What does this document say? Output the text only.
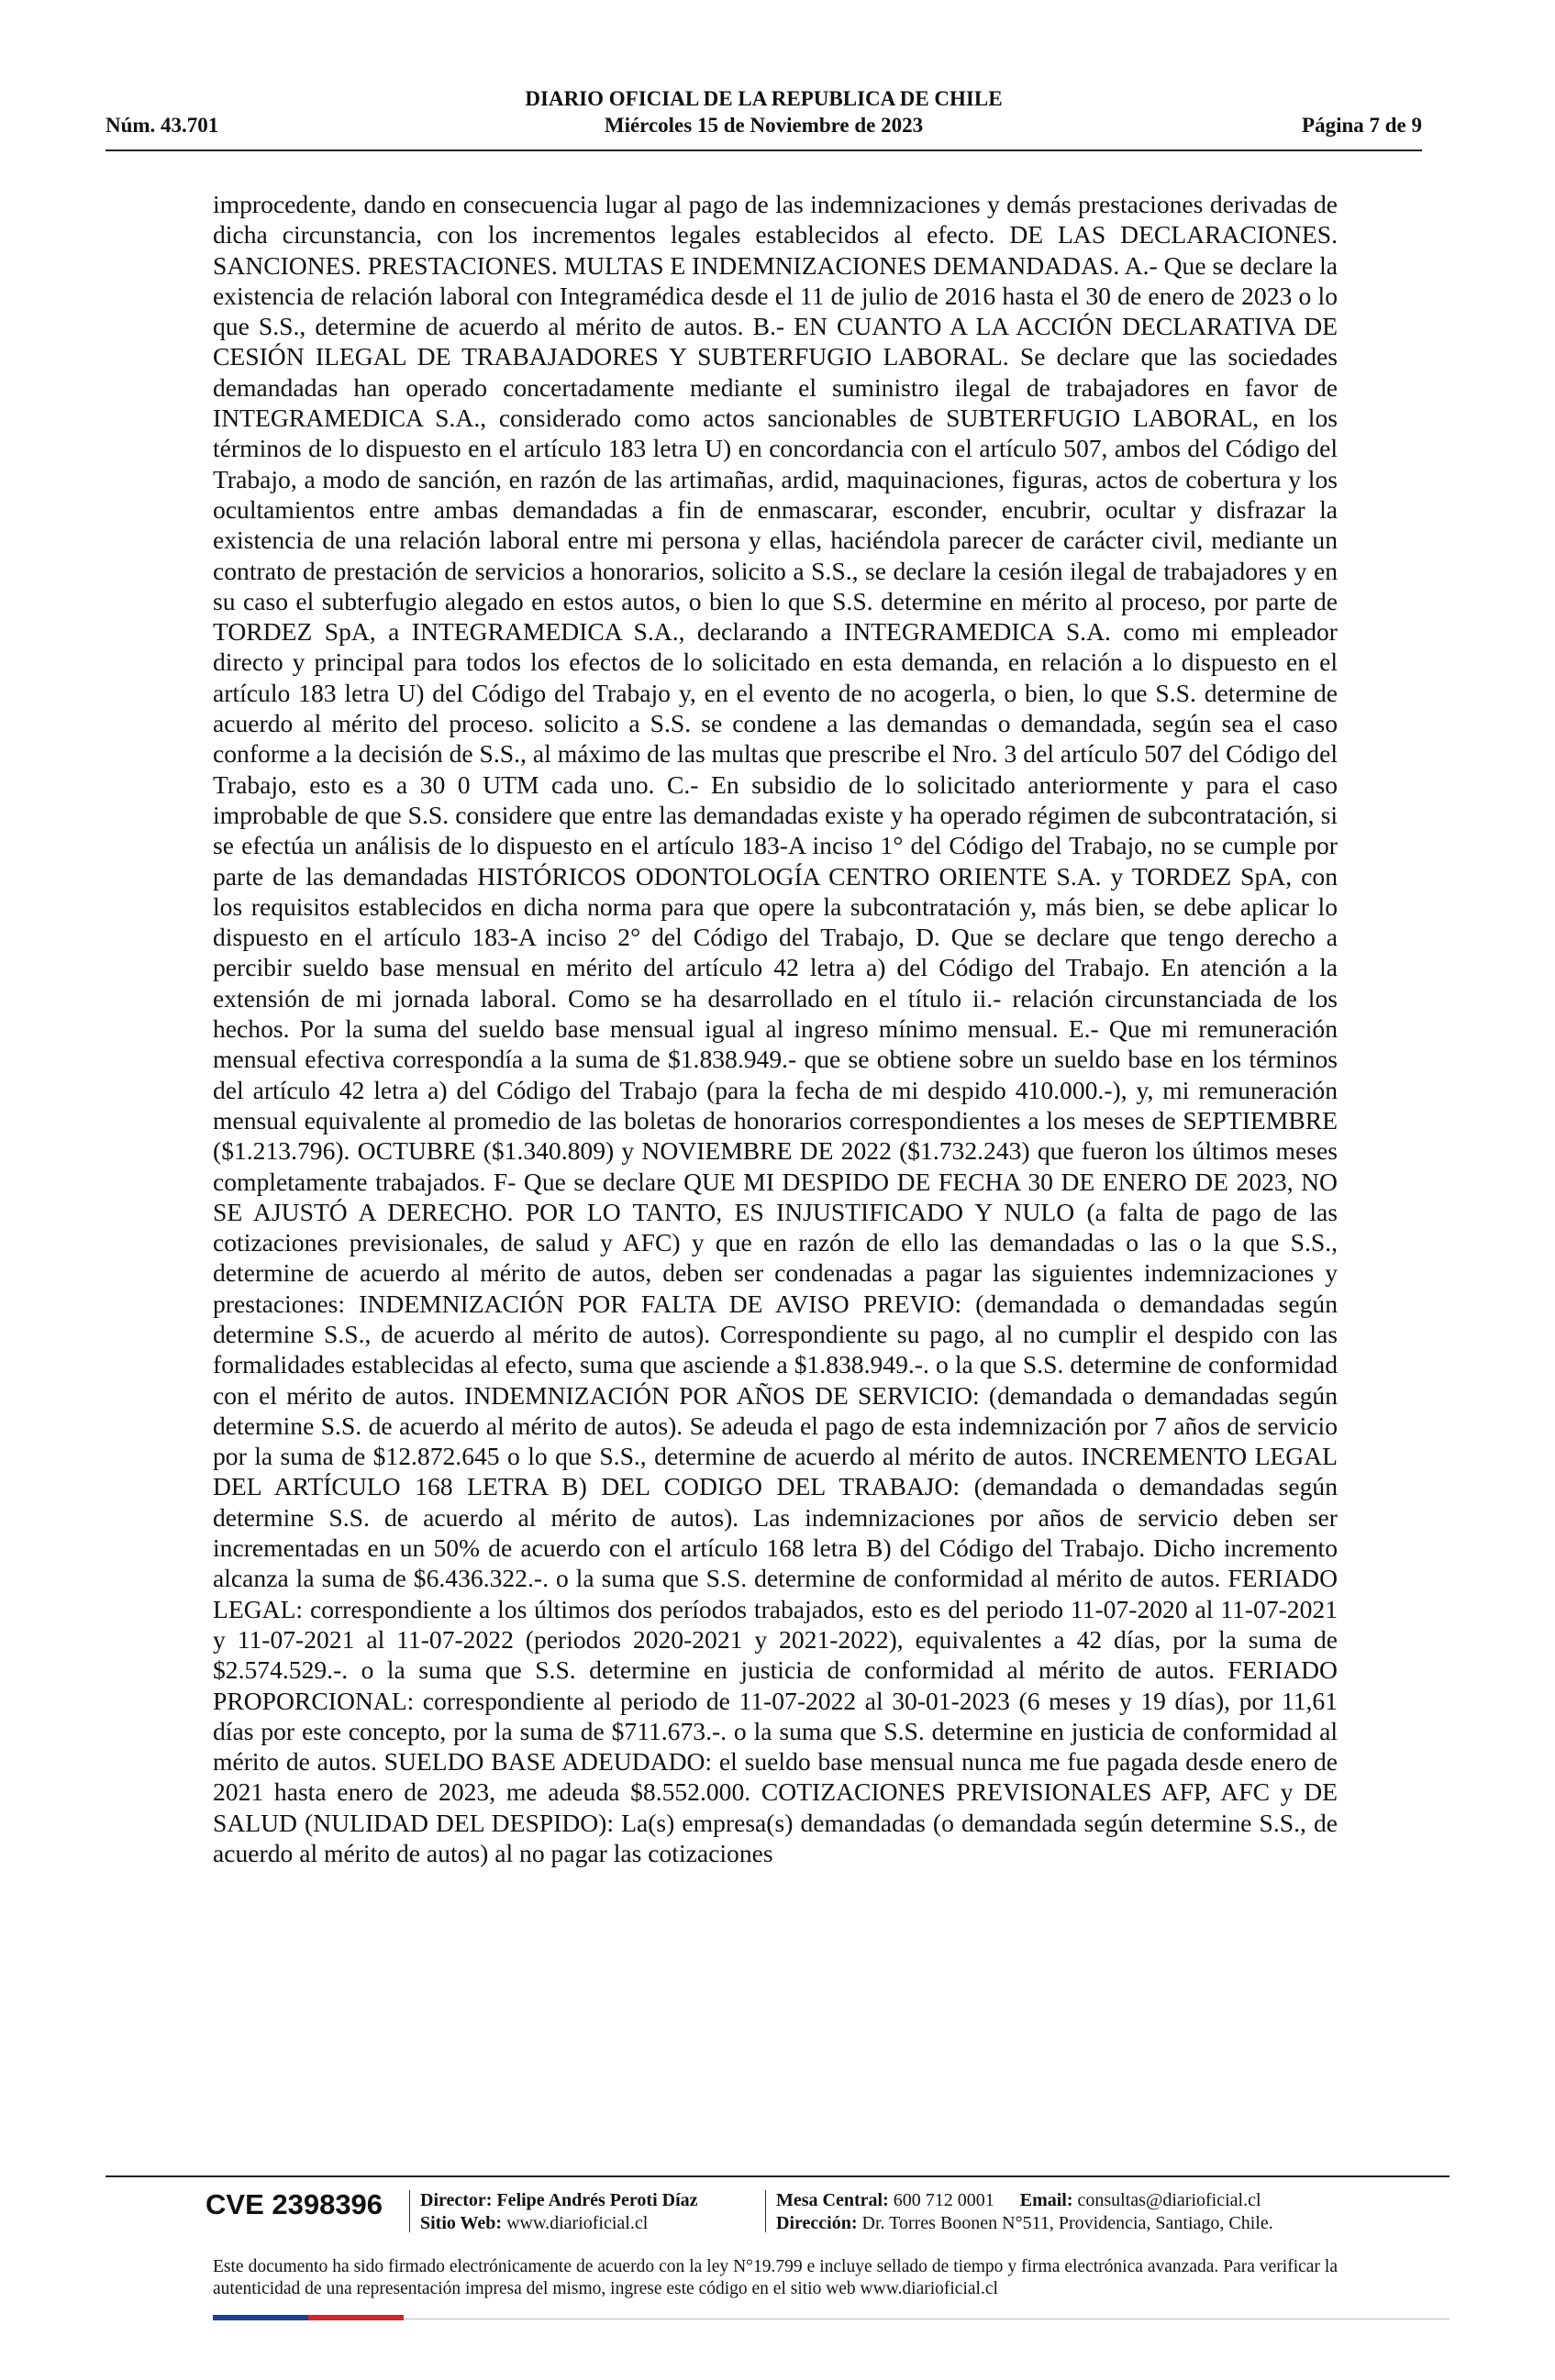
DIARIO OFICIAL DE LA REPUBLICA DE CHILE
Núm. 43.701	Miércoles 15 de Noviembre de 2023	Página 7 de 9

improcedente, dando en consecuencia lugar al pago de las indemnizaciones y demás prestaciones derivadas de dicha circunstancia, con los incrementos legales establecidos al efecto. DE LAS DECLARACIONES. SANCIONES. PRESTACIONES. MULTAS E INDEMNIZACIONES DEMANDADAS. A.- Que se declare la existencia de relación laboral con Integramédica desde el 11 de julio de 2016 hasta el 30 de enero de 2023 o lo que S.S., determine de acuerdo al mérito de autos. B.- EN CUANTO A LA ACCIÓN DECLARATIVA DE CESIÓN ILEGAL DE TRABAJADORES Y SUBTERFUGIO LABORAL. Se declare que las sociedades demandadas han operado concertadamente mediante el suministro ilegal de trabajadores en favor de INTEGRAMEDICA S.A., considerado como actos sancionables de SUBTERFUGIO LABORAL, en los términos de lo dispuesto en el artículo 183 letra U) en concordancia con el artículo 507, ambos del Código del Trabajo, a modo de sanción, en razón de las artimañas, ardid, maquinaciones, figuras, actos de cobertura y los ocultamientos entre ambas demandadas a fin de enmascarar, esconder, encubrir, ocultar y disfrazar la existencia de una relación laboral entre mi persona y ellas, haciéndola parecer de carácter civil, mediante un contrato de prestación de servicios a honorarios, solicito a S.S., se declare la cesión ilegal de trabajadores y en su caso el subterfugio alegado en estos autos, o bien lo que S.S. determine en mérito al proceso, por parte de TORDEZ SpA, a INTEGRAMEDICA S.A., declarando a INTEGRAMEDICA S.A. como mi empleador directo y principal para todos los efectos de lo solicitado en esta demanda, en relación a lo dispuesto en el artículo 183 letra U) del Código del Trabajo y, en el evento de no acogerla, o bien, lo que S.S. determine de acuerdo al mérito del proceso. solicito a S.S. se condene a las demandas o demandada, según sea el caso conforme a la decisión de S.S., al máximo de las multas que prescribe el Nro. 3 del artículo 507 del Código del Trabajo, esto es a 30 0 UTM cada uno. C.- En subsidio de lo solicitado anteriormente y para el caso improbable de que S.S. considere que entre las demandadas existe y ha operado régimen de subcontratación, si se efectúa un análisis de lo dispuesto en el artículo 183-A inciso 1° del Código del Trabajo, no se cumple por parte de las demandadas HISTÓRICOS ODONTOLOGÍA CENTRO ORIENTE S.A. y TORDEZ SpA, con los requisitos establecidos en dicha norma para que opere la subcontratación y, más bien, se debe aplicar lo dispuesto en el artículo 183-A inciso 2° del Código del Trabajo, D. Que se declare que tengo derecho a percibir sueldo base mensual en mérito del artículo 42 letra a) del Código del Trabajo. En atención a la extensión de mi jornada laboral. Como se ha desarrollado en el título ii.- relación circunstanciada de los hechos. Por la suma del sueldo base mensual igual al ingreso mínimo mensual. E.- Que mi remuneración mensual efectiva correspondía a la suma de $1.838.949.- que se obtiene sobre un sueldo base en los términos del artículo 42 letra a) del Código del Trabajo (para la fecha de mi despido 410.000.-), y, mi remuneración mensual equivalente al promedio de las boletas de honorarios correspondientes a los meses de SEPTIEMBRE ($1.213.796). OCTUBRE ($1.340.809) y NOVIEMBRE DE 2022 ($1.732.243) que fueron los últimos meses completamente trabajados. F- Que se declare QUE MI DESPIDO DE FECHA 30 DE ENERO DE 2023, NO SE AJUSTÓ A DERECHO. POR LO TANTO, ES INJUSTIFICADO Y NULO (a falta de pago de las cotizaciones previsionales, de salud y AFC) y que en razón de ello las demandadas o las o la que S.S., determine de acuerdo al mérito de autos, deben ser condenadas a pagar las siguientes indemnizaciones y prestaciones: INDEMNIZACIÓN POR FALTA DE AVISO PREVIO: (demandada o demandadas según determine S.S., de acuerdo al mérito de autos). Correspondiente su pago, al no cumplir el despido con las formalidades establecidas al efecto, suma que asciende a $1.838.949.-. o la que S.S. determine de conformidad con el mérito de autos. INDEMNIZACIÓN POR AÑOS DE SERVICIO: (demandada o demandadas según determine S.S. de acuerdo al mérito de autos). Se adeuda el pago de esta indemnización por 7 años de servicio por la suma de $12.872.645 o lo que S.S., determine de acuerdo al mérito de autos. INCREMENTO LEGAL DEL ARTÍCULO 168 LETRA B) DEL CODIGO DEL TRABAJO: (demandada o demandadas según determine S.S. de acuerdo al mérito de autos). Las indemnizaciones por años de servicio deben ser incrementadas en un 50% de acuerdo con el artículo 168 letra B) del Código del Trabajo. Dicho incremento alcanza la suma de $6.436.322.-. o la suma que S.S. determine de conformidad al mérito de autos. FERIADO LEGAL: correspondiente a los últimos dos períodos trabajados, esto es del periodo 11-07-2020 al 11-07-2021 y 11-07-2021 al 11-07-2022 (periodos 2020-2021 y 2021-2022), equivalentes a 42 días, por la suma de $2.574.529.-. o la suma que S.S. determine en justicia de conformidad al mérito de autos. FERIADO PROPORCIONAL: correspondiente al periodo de 11-07-2022 al 30-01-2023 (6 meses y 19 días), por 11,61 días por este concepto, por la suma de $711.673.-. o la suma que S.S. determine en justicia de conformidad al mérito de autos. SUELDO BASE ADEUDADO: el sueldo base mensual nunca me fue pagada desde enero de 2021 hasta enero de 2023, me adeuda $8.552.000. COTIZACIONES PREVISIONALES AFP, AFC y DE SALUD (NULIDAD DEL DESPIDO): La(s) empresa(s) demandadas (o demandada según determine S.S., de acuerdo al mérito de autos) al no pagar las cotizaciones

CVE 2398396 Director: Felipe Andrés Peroti Díaz
Sitio Web: www.diarioficial.cl
Mesa Central: 600 712 0001 Email: consultas@diarioficial.cl
Dirección: Dr. Torres Boonen N°511, Providencia, Santiago, Chile.
Este documento ha sido firmado electrónicamente de acuerdo con la ley N°19.799 e incluye sellado de tiempo y firma electrónica avanzada. Para verificar la autenticidad de una representación impresa del mismo, ingrese este código en el sitio web www.diarioficial.cl
